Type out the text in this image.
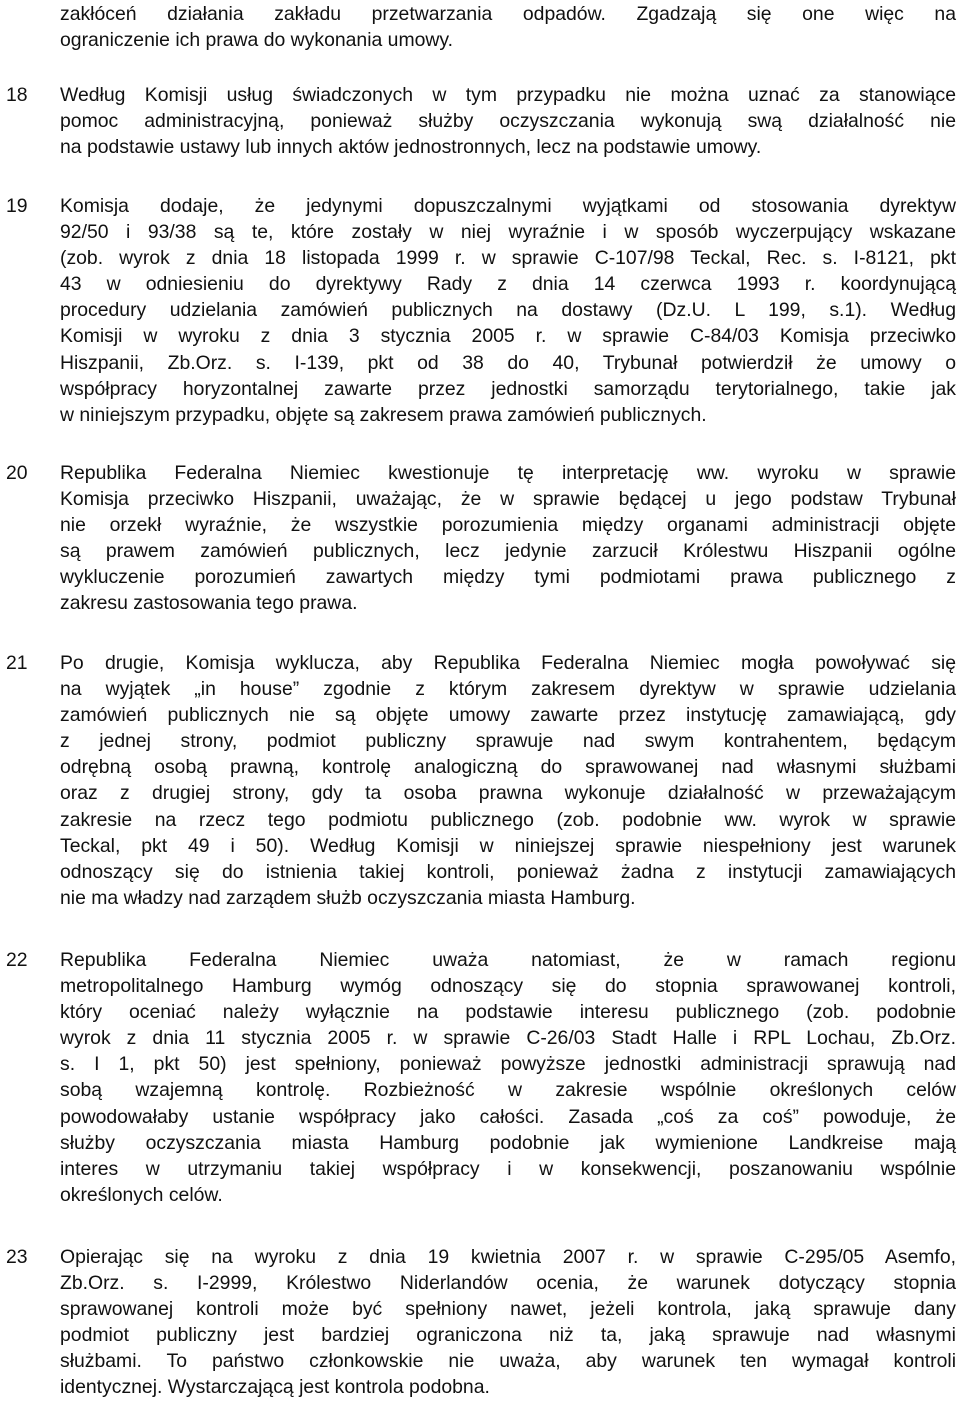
zakłóceń działania zakładu przetwarzania odpadów. Zgadzają się one więc na
ograniczenie ich prawa do wykonania umowy.
18	Według Komisji usług świadczonych w tym przypadku nie można uznać za stanowiące
pomoc administracyjną, ponieważ służby oczyszczania wykonują swą działalność nie
na podstawie ustawy lub innych aktów jednostronnych, lecz na podstawie umowy.
19	Komisja dodaje, że jedynymi dopuszczalnymi wyjątkami od stosowania dyrektyw
92/50 i 93/38 są te, które zostały w niej wyraźnie i w sposób wyczerpujący wskazane
(zob. wyrok z dnia 18 listopada 1999 r. w sprawie C-107/98 Teckal, Rec. s. I-8121, pkt
43 w odniesieniu do dyrektywy Rady z dnia 14 czerwca 1993 r. koordynującą
procedury udzielania zamówień publicznych na dostawy (Dz.U. L 199, s.1). Według
Komisji w wyroku z dnia 3 stycznia 2005 r. w sprawie C-84/03 Komisja przeciwko
Hiszpanii, Zb.Orz. s. I-139, pkt od 38 do 40, Trybunał potwierdził że umowy o
współpracy horyzontalnej zawarte przez jednostki samorządu terytorialnego, takie jak
w niniejszym przypadku, objęte są zakresem prawa zamówień publicznych.
20	Republika Federalna Niemiec kwestionuje tę interpretację ww. wyroku w sprawie
Komisja przeciwko Hiszpanii, uważając, że w sprawie będącej u jego podstaw Trybunał
nie orzekł wyraźnie, że wszystkie porozumienia między organami administracji objęte
są prawem zamówień publicznych, lecz jedynie zarzucił Królestwu Hiszpanii ogólne
wykluczenie porozumień zawartych między tymi podmiotami prawa publicznego z
zakresu zastosowania tego prawa.
21	Po drugie, Komisja wyklucza, aby Republika Federalna Niemiec mogła powoływać się
na wyjątek „in house” zgodnie z którym zakresem dyrektyw w sprawie udzielania
zamówień publicznych nie są objęte umowy zawarte przez instytucję zamawiającą, gdy
z jednej strony, podmiot publiczny sprawuje nad swym kontrahentem, będącym
odrębną osobą prawną, kontrolę analogiczną do sprawowanej nad własnymi służbami
oraz z drugiej strony, gdy ta osoba prawna wykonuje działalność w przeważającym
zakresie na rzecz tego podmiotu publicznego (zob. podobnie ww. wyrok w sprawie
Teckal, pkt 49 i 50). Według Komisji w niniejszej sprawie niespełniony jest warunek
odnoszący się do istnienia takiej kontroli, ponieważ żadna z instytucji zamawiających
nie ma władzy nad zarządem służb oczyszczania miasta Hamburg.
22	Republika Federalna Niemiec uważa natomiast, że w ramach regionu
metropolitalnego Hamburg wymóg odnoszący się do stopnia sprawowanej kontroli,
który oceniać należy wyłącznie na podstawie interesu publicznego (zob. podobnie
wyrok z dnia 11 stycznia 2005 r. w sprawie C-26/03 Stadt Halle i RPL Lochau, Zb.Orz.
s. I 1, pkt 50) jest spełniony, ponieważ powyższe jednostki administracji sprawują nad
sobą wzajemną kontrolę. Rozbieżność w zakresie wspólnie określonych celów
powodowałaby ustanie współpracy jako całości. Zasada „coś za coś” powoduje, że
służby oczyszczania miasta Hamburg podobnie jak wymienione Landkreise mają
interes w utrzymaniu takiej współpracy i w konsekwencji, poszanowaniu wspólnie
określonych celów.
23	Opierając się na wyroku z dnia 19 kwietnia 2007 r. w sprawie C-295/05 Asemfo,
Zb.Orz. s. I-2999, Królestwo Niderlandów ocenia, że warunek dotyczący stopnia
sprawowanej kontroli może być spełniony nawet, jeżeli kontrola, jaką sprawuje dany
podmiot publiczny jest bardziej ograniczona niż ta, jaką sprawuje nad własnymi
służbami. To państwo członkowskie nie uważa, aby warunek ten wymagał kontroli
identycznej. Wystarczającą jest kontrola podobna.
